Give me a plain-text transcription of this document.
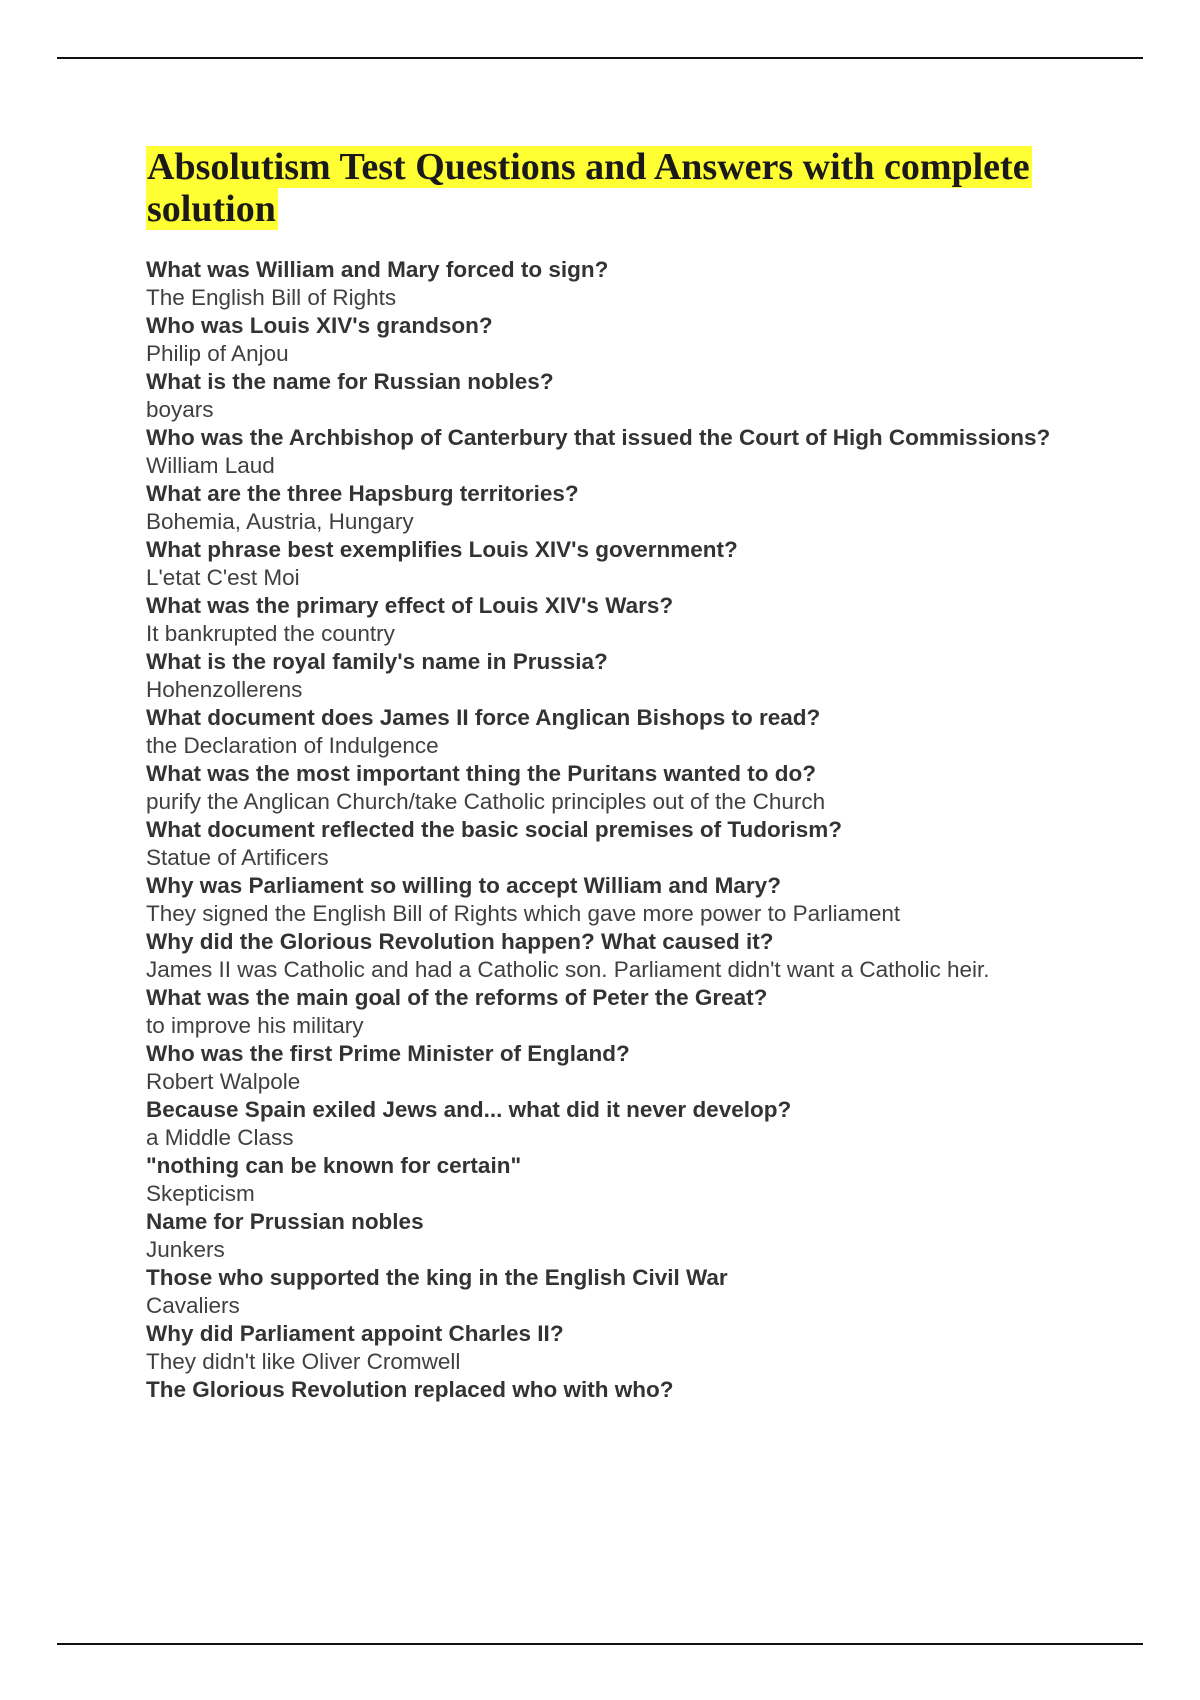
Absolutism Test Questions and Answers with complete solution
What was William and Mary forced to sign?
The English Bill of Rights
Who was Louis XIV's grandson?
Philip of Anjou
What is the name for Russian nobles?
boyars
Who was the Archbishop of Canterbury that issued the Court of High Commissions?
William Laud
What are the three Hapsburg territories?
Bohemia, Austria, Hungary
What phrase best exemplifies Louis XIV's government?
L'etat C'est Moi
What was the primary effect of Louis XIV's Wars?
It bankrupted the country
What is the royal family's name in Prussia?
Hohenzollerens
What document does James II force Anglican Bishops to read?
the Declaration of Indulgence
What was the most important thing the Puritans wanted to do?
purify the Anglican Church/take Catholic principles out of the Church
What document reflected the basic social premises of Tudorism?
Statue of Artificers
Why was Parliament so willing to accept William and Mary?
They signed the English Bill of Rights which gave more power to Parliament
Why did the Glorious Revolution happen? What caused it?
James II was Catholic and had a Catholic son. Parliament didn't want a Catholic heir.
What was the main goal of the reforms of Peter the Great?
to improve his military
Who was the first Prime Minister of England?
Robert Walpole
Because Spain exiled Jews and... what did it never develop?
a Middle Class
"nothing can be known for certain"
Skepticism
Name for Prussian nobles
Junkers
Those who supported the king in the English Civil War
Cavaliers
Why did Parliament appoint Charles II?
They didn't like Oliver Cromwell
The Glorious Revolution replaced who with who?
